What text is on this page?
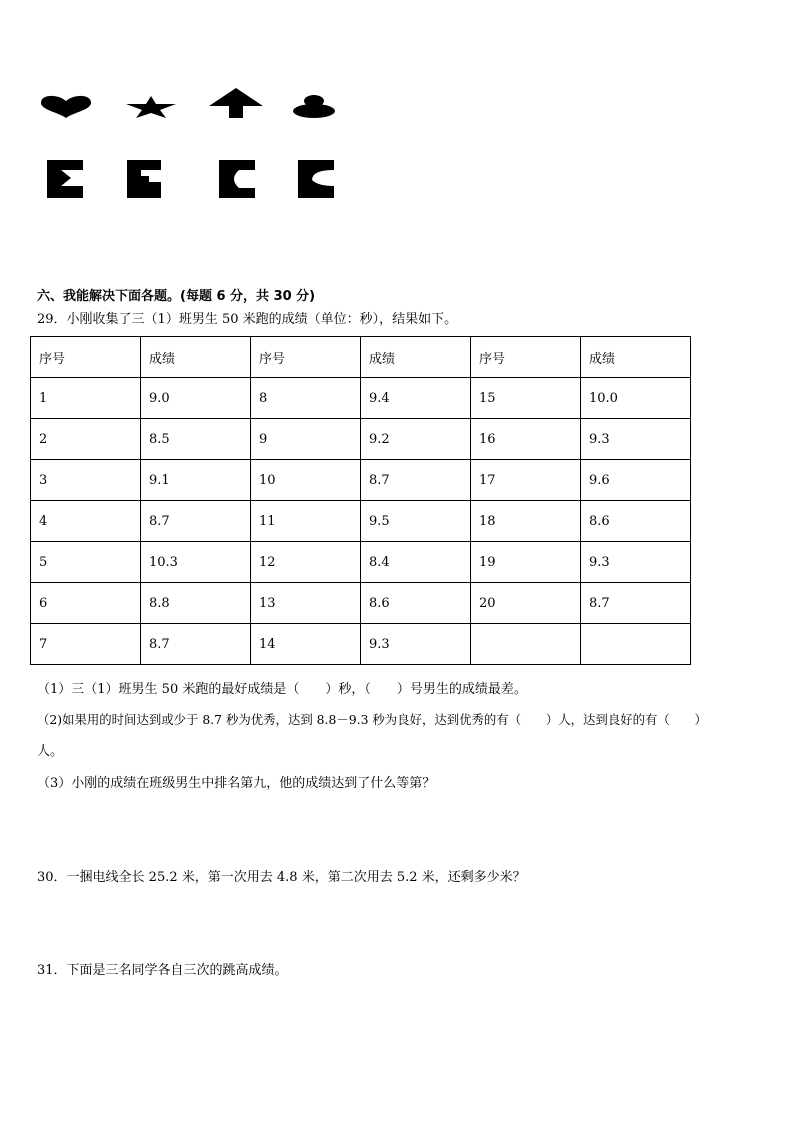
六、我能解决下面各题。(每题 6 分，共 30 分)
29．小刚收集了三（1）班男生 50 米跑的成绩（单位：秒），结果如下。
序号	成绩	序号	成绩	序号	成绩
1	9.0	8	9.4	15	10.0
2	8.5	9	9.2	16	9.3
3	9.1	10	8.7	17	9.6
4	8.7	11	9.5	18	8.6
5	10.3	12	8.4	19	9.3
6	8.8	13	8.6	20	8.7
7	8.7	14	9.3		
（1）三（1）班男生 50 米跑的最好成绩是（　　）秒，（　　）号男生的成绩最差。
（2)如果用的时间达到或少于 8.7 秒为优秀，达到 8.8－9.3 秒为良好，达到优秀的有（　　）人，达到良好的有（　　）
人。
（3）小刚的成绩在班级男生中排名第九，他的成绩达到了什么等第？
30．一捆电线全长 25.2 米，第一次用去 4.8 米，第二次用去 5.2 米，还剩多少米？
31．下面是三名同学各自三次的跳高成绩。
